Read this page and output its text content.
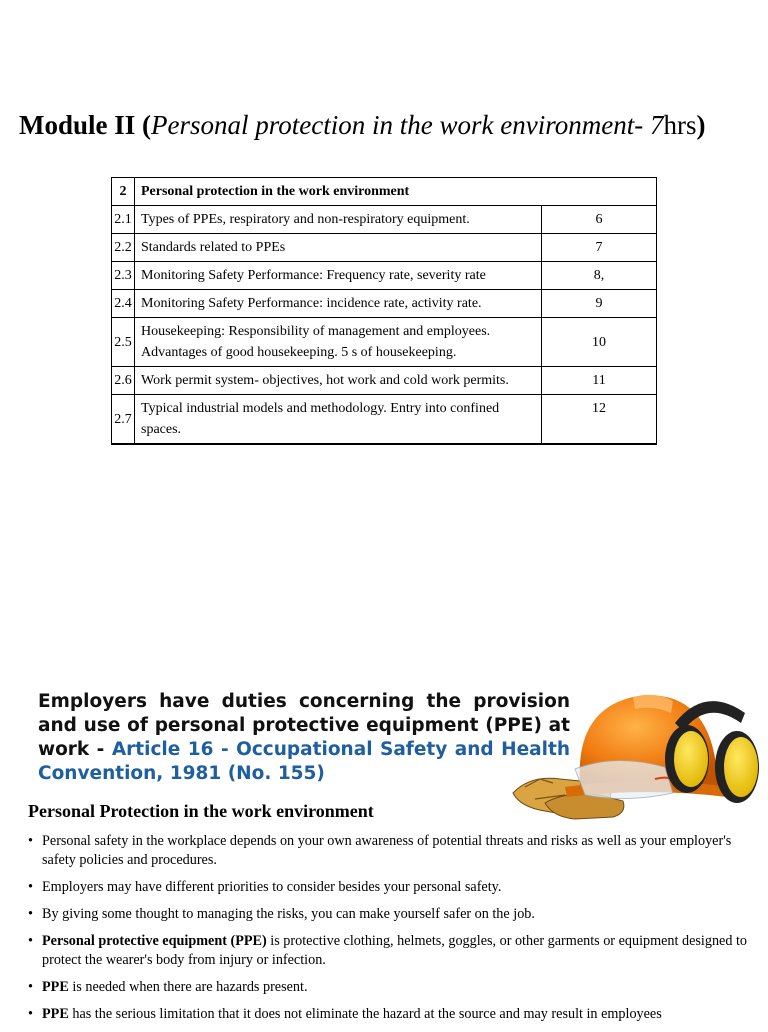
Module II (Personal protection in the work environment- 7hrs)
2	Personal protection in the work environment	
2.1	Types of PPEs, respiratory and non-respiratory equipment.	6
2.2	Standards related to PPEs	7
2.3	Monitoring Safety Performance: Frequency rate, severity rate	8,
2.4	Monitoring Safety Performance: incidence rate, activity rate.	9
2.5	Housekeeping: Responsibility of management and employees. Advantages of good housekeeping. 5 s of housekeeping.	10
2.6	Work permit system- objectives, hot work and cold work permits.	11
2.7	Typical industrial models and methodology. Entry into confined spaces.	12
Employers have duties concerning the provision and use of personal protective equipment (PPE) at work - Article 16 - Occupational Safety and Health Convention, 1981 (No. 155)
Personal Protection in the work environment
• Personal safety in the workplace depends on your own awareness of potential threats and risks as well as your employer's safety policies and procedures.
• Employers may have different priorities to consider besides your personal safety.
• By giving some thought to managing the risks, you can make yourself safer on the job.
• Personal protective equipment (PPE) is protective clothing, helmets, goggles, or other garments or equipment designed to protect the wearer's body from injury or infection.
• PPE is needed when there are hazards present.
• PPE has the serious limitation that it does not eliminate the hazard at the source and may result in employees
